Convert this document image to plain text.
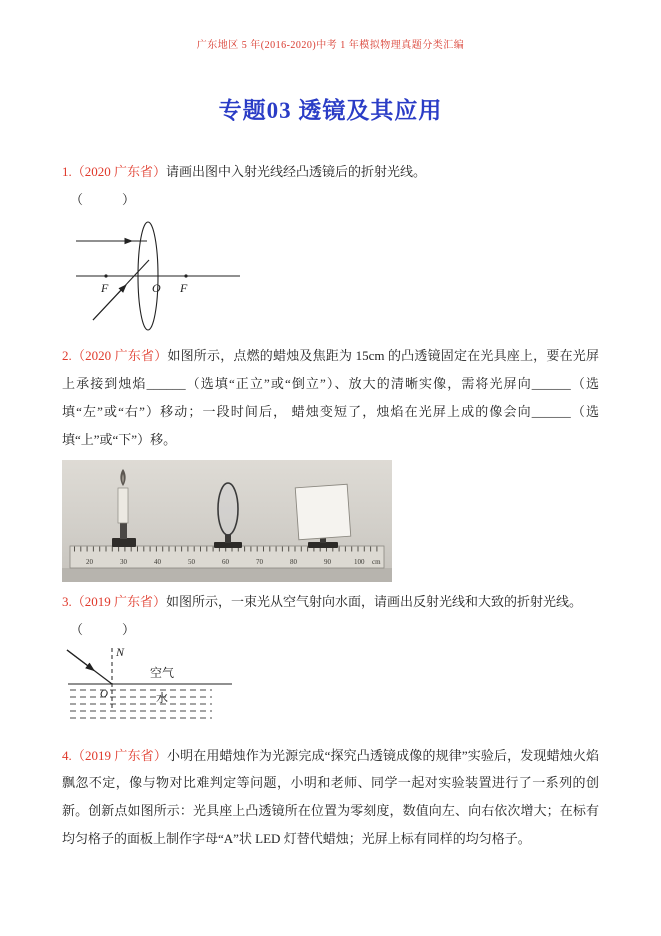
广东地区 5 年(2016-2020)中考 1 年模拟物理真题分类汇编
专题03 透镜及其应用

1.（2020 广东省）请画出图中入射光线经凸透镜后的折射光线。

（　　　）

F	F
O

2.（2020 广东省）如图所示，点燃的蜡烛及焦距为 15cm 的凸透镜固定在光具座上，要在光屏上承接到烛焰______（选填“正立”或“倒立”）、放大的清晰实像，需将光屏向______（选填“左”或“右”）移动；一段时间后， 蜡烛变短了，烛焰在光屏上成的像会向______（选填“上”或“下”）移。

20	30	40	50	60	70	80	90	100 cm

3.（2019 广东省）如图所示，一束光从空气射向水面，请画出反射光线和大致的折射光线。

（　　　）

N
O
空气
水

4.（2019 广东省）小明在用蜡烛作为光源完成“探究凸透镜成像的规律”实验后，发现蜡烛火焰飘忽不定，像与物对比难判定等问题，小明和老师、同学一起对实验装置进行了一系列的创新。创新点如图所示：光具座上凸透镜所在位置为零刻度，数值向左、向右依次增大；在标有均匀格子的面板上制作字母“A”状 LED 灯替代蜡烛；光屏上标有同样的均匀格子。
